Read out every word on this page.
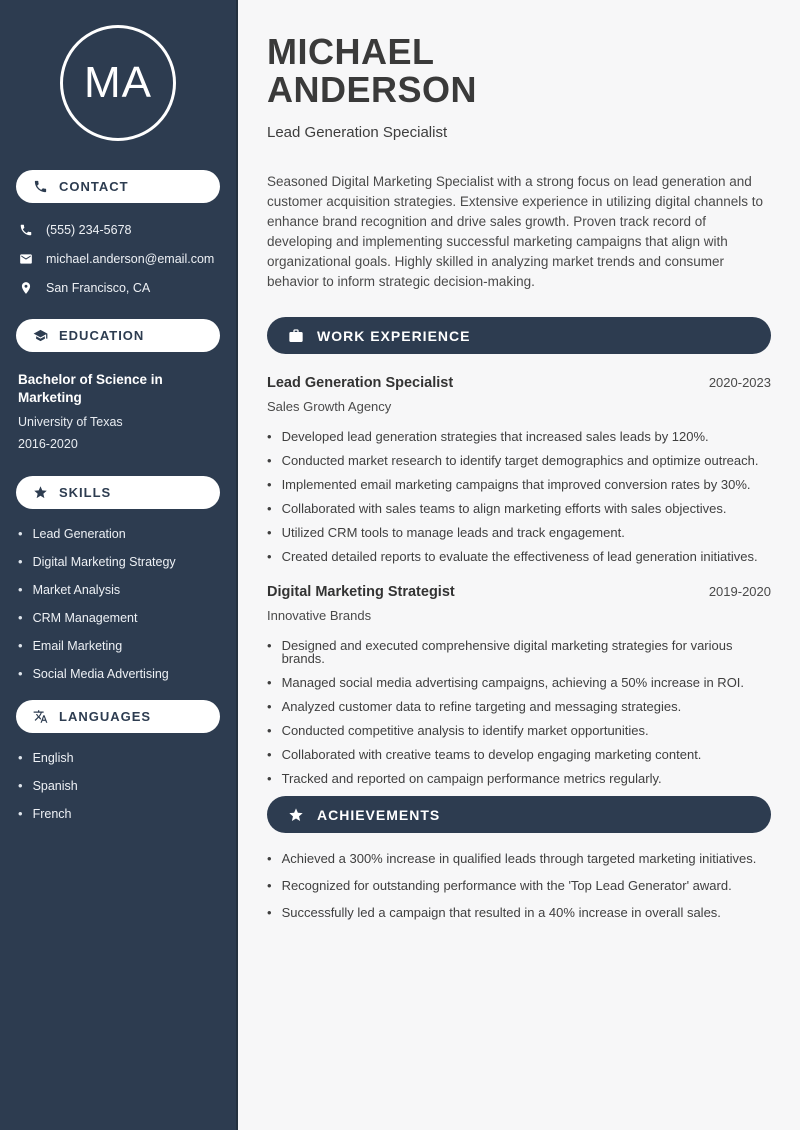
MA
CONTACT
(555) 234-5678
michael.anderson@email.com
San Francisco, CA
EDUCATION
Bachelor of Science in Marketing
University of Texas
2016-2020
SKILLS
• Lead Generation
• Digital Marketing Strategy
• Market Analysis
• CRM Management
• Email Marketing
• Social Media Advertising
LANGUAGES
• English
• Spanish
• French
MICHAEL
ANDERSON
Lead Generation Specialist

Seasoned Digital Marketing Specialist with a strong focus on lead generation and customer acquisition strategies. Extensive experience in utilizing digital channels to enhance brand recognition and drive sales growth. Proven track record of developing and implementing successful marketing campaigns that align with organizational goals. Highly skilled in analyzing market trends and consumer behavior to inform strategic decision-making.

WORK EXPERIENCE
Lead Generation Specialist	2020-2023
Sales Growth Agency
• Developed lead generation strategies that increased sales leads by 120%.
• Conducted market research to identify target demographics and optimize outreach.
• Implemented email marketing campaigns that improved conversion rates by 30%.
• Collaborated with sales teams to align marketing efforts with sales objectives.
• Utilized CRM tools to manage leads and track engagement.
• Created detailed reports to evaluate the effectiveness of lead generation initiatives.
Digital Marketing Strategist	2019-2020
Innovative Brands
• Designed and executed comprehensive digital marketing strategies for various brands.
• Managed social media advertising campaigns, achieving a 50% increase in ROI.
• Analyzed customer data to refine targeting and messaging strategies.
• Conducted competitive analysis to identify market opportunities.
• Collaborated with creative teams to develop engaging marketing content.
• Tracked and reported on campaign performance metrics regularly.
ACHIEVEMENTS
• Achieved a 300% increase in qualified leads through targeted marketing initiatives.
• Recognized for outstanding performance with the 'Top Lead Generator' award.
• Successfully led a campaign that resulted in a 40% increase in overall sales.
